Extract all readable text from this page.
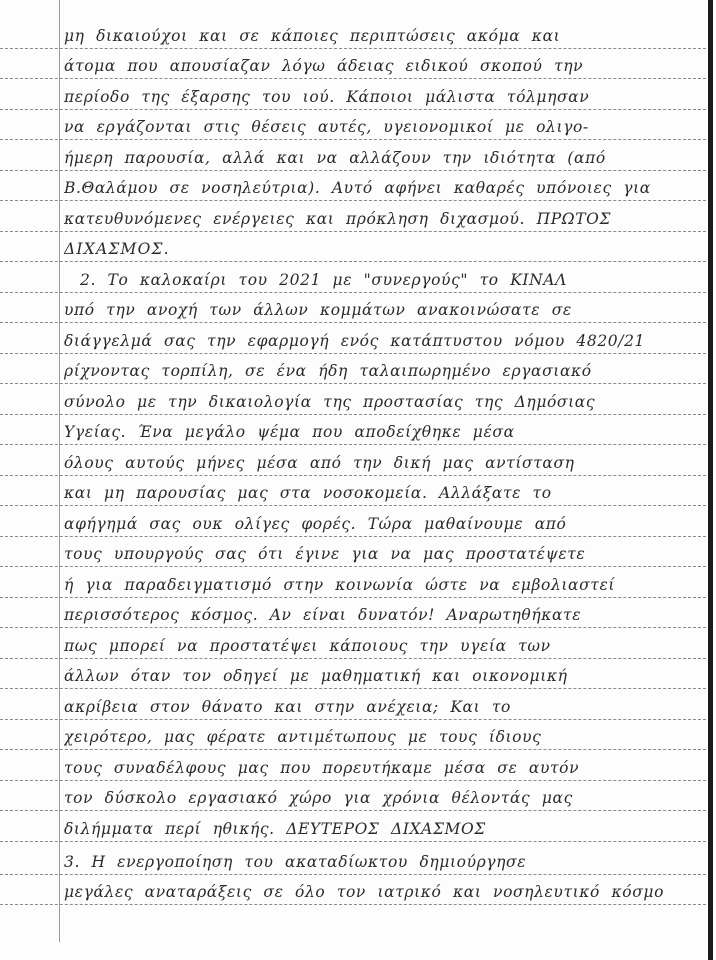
μη δικαιούχοι και σε κάποιες περιπτώσεις ακόμα και
άτομα που απουσίαζαν λόγω άδειας ειδικού σκοπού την
περίοδο της έξαρσης του ιού. Κάποιοι μάλιστα τόλμησαν
να εργάζονται στις θέσεις αυτές, υγειονομικοί με ολιγο-
ήμερη παρουσία, αλλά και να αλλάζουν την ιδιότητα (από
Β.Θαλάμου σε νοσηλεύτρια). Αυτό αφήνει καθαρές υπόνοιες για
κατευθυνόμενες ενέργειες και πρόκληση διχασμού. ΠΡΩΤΟΣ
ΔΙΧΑΣΜΟΣ.
2. Το καλοκαίρι του 2021 με "συνεργούς" το ΚΙΝΑΛ
υπό την ανοχή των άλλων κομμάτων ανακοινώσατε σε
διάγγελμά σας την εφαρμογή ενός κατάπτυστου νόμου 4820/21
ρίχνοντας τορπίλη, σε ένα ήδη ταλαιπωρημένο εργασιακό
σύνολο με την δικαιολογία της προστασίας της Δημόσιας
Υγείας. Ένα μεγάλο ψέμα που αποδείχθηκε μέσα
όλους αυτούς μήνες μέσα από την δική μας αντίσταση
και μη παρουσίας μας στα νοσοκομεία. Αλλάξατε το
αφήγημά σας ουκ ολίγες φορές. Τώρα μαθαίνουμε από
τους υπουργούς σας ότι έγινε για να μας προστατέψετε
ή για παραδειγματισμό στην κοινωνία ώστε να εμβολιαστεί
περισσότερος κόσμος. Αν είναι δυνατόν! Αναρωτηθήκατε
πως μπορεί να προστατέψει κάποιους την υγεία των
άλλων όταν τον οδηγεί με μαθηματική και οικονομική
ακρίβεια στον θάνατο και στην ανέχεια; Και το
χειρότερο, μας φέρατε αντιμέτωπους με τους ίδιους
τους συναδέλφους μας που πορευτήκαμε μέσα σε αυτόν
τον δύσκολο εργασιακό χώρο για χρόνια θέλοντάς μας
διλήμματα περί ηθικής. ΔΕΥΤΕΡΟΣ ΔΙΧΑΣΜΟΣ
3. Η ενεργοποίηση του ακαταδίωκτου δημιούργησε
μεγάλες αναταράξεις σε όλο τον ιατρικό και νοσηλευτικό κόσμο
